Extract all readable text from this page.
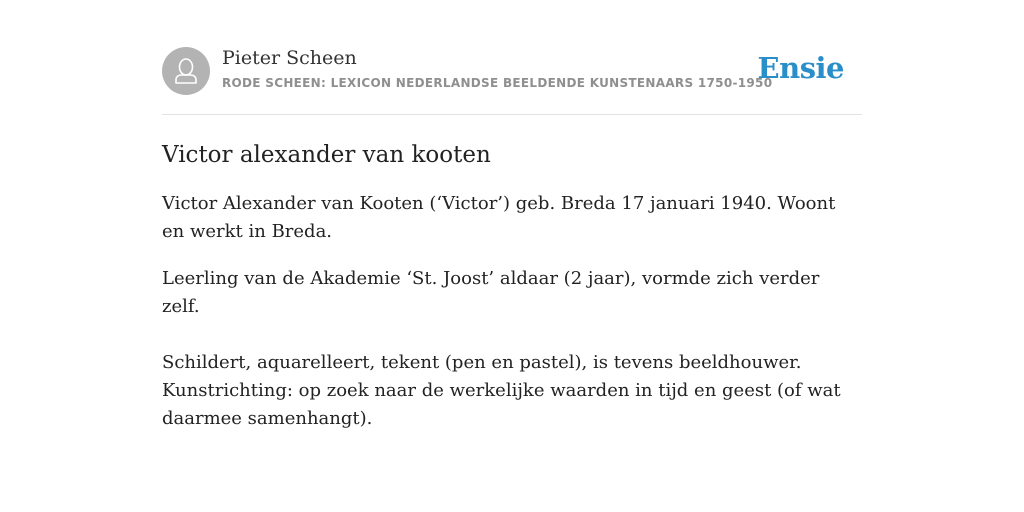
Pieter Scheen
RODE SCHEEN: LEXICON NEDERLANDSE BEELDENDE KUNSTENAARS 1750-1950
Ensie
Victor alexander van kooten

Victor Alexander van Kooten (‘Victor’) geb. Breda 17 januari 1940. Woont en werkt in Breda.

Leerling van de Akademie ‘St. Joost’ aldaar (2 jaar), vormde zich verder zelf.

Schildert, aquarelleert, tekent (pen en pastel), is tevens beeldhouwer. Kunstrichting: op zoek naar de werkelijke waarden in tijd en geest (of wat daarmee samenhangt).
